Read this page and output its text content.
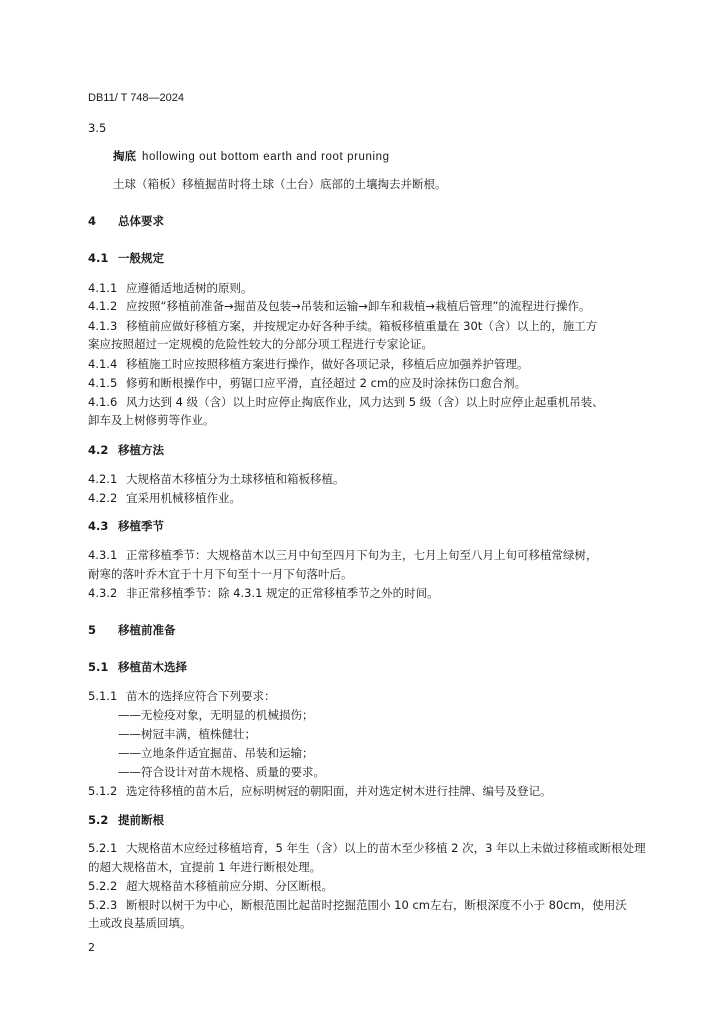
DB11/ T 748—2024
3.5
掏底 hollowing out bottom earth and root pruning
土球（箱板）移植掘苗时将土球（土台）底部的土壤掏去并断根。
4 总体要求
4.1 一般规定
4.1.1 应遵循适地适树的原则。
4.1.2 应按照“移植前准备→掘苗及包装→吊装和运输→卸车和栽植→栽植后管理”的流程进行操作。
4.1.3 移植前应做好移植方案，并按规定办好各种手续。箱板移植重量在 30t（含）以上的，施工方
案应按照超过一定规模的危险性较大的分部分项工程进行专家论证。
4.1.4 移植施工时应按照移植方案进行操作，做好各项记录，移植后应加强养护管理。
4.1.5 修剪和断根操作中，剪锯口应平滑，直径超过 2 cm的应及时涂抹伤口愈合剂。
4.1.6 风力达到 4 级（含）以上时应停止掏底作业，风力达到 5 级（含）以上时应停止起重机吊装、
卸车及上树修剪等作业。
4.2 移植方法
4.2.1 大规格苗木移植分为土球移植和箱板移植。
4.2.2 宜采用机械移植作业。
4.3 移植季节
4.3.1 正常移植季节：大规格苗木以三月中旬至四月下旬为主，七月上旬至八月上旬可移植常绿树，
耐寒的落叶乔木宜于十月下旬至十一月下旬落叶后。
4.3.2 非正常移植季节：除 4.3.1 规定的正常移植季节之外的时间。
5 移植前准备
5.1 移植苗木选择
5.1.1 苗木的选择应符合下列要求：
——无检疫对象，无明显的机械损伤；
——树冠丰满，植株健壮；
——立地条件适宜掘苗、吊装和运输；
——符合设计对苗木规格、质量的要求。
5.1.2 选定待移植的苗木后，应标明树冠的朝阳面，并对选定树木进行挂牌、编号及登记。
5.2 提前断根
5.2.1 大规格苗木应经过移植培育，5 年生（含）以上的苗木至少移植 2 次，3 年以上未做过移植或断根处理
的超大规格苗木，宜提前 1 年进行断根处理。
5.2.2 超大规格苗木移植前应分期、分区断根。
5.2.3 断根时以树干为中心，断根范围比起苗时挖掘范围小 10 cm左右，断根深度不小于 80cm，使用沃
土或改良基质回填。
2
